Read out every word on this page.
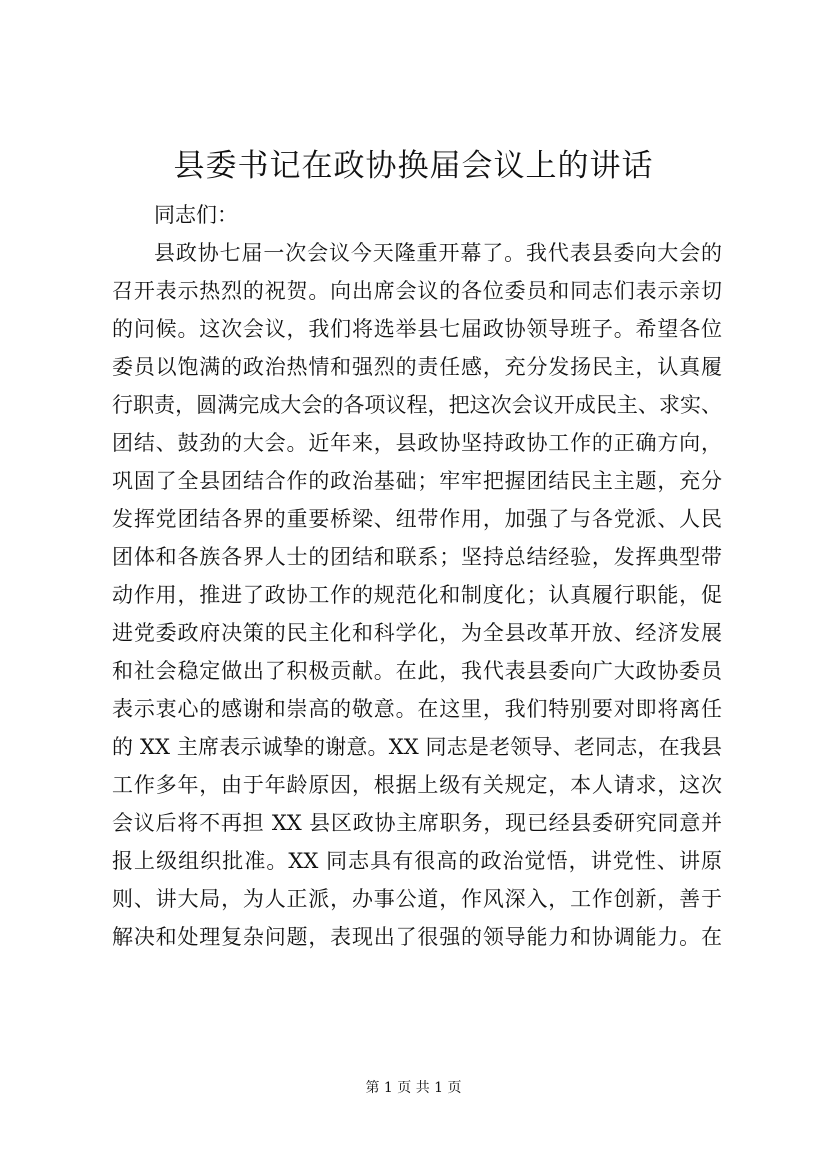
县委书记在政协换届会议上的讲话
同志们：
县政协七届一次会议今天隆重开幕了。我代表县委向大会的
召开表示热烈的祝贺。向出席会议的各位委员和同志们表示亲切
的问候。这次会议，我们将选举县七届政协领导班子。希望各位
委员以饱满的政治热情和强烈的责任感，充分发扬民主，认真履
行职责，圆满完成大会的各项议程，把这次会议开成民主、求实、
团结、鼓劲的大会。近年来，县政协坚持政协工作的正确方向，
巩固了全县团结合作的政治基础；牢牢把握团结民主主题，充分
发挥党团结各界的重要桥梁、纽带作用，加强了与各党派、人民
团体和各族各界人士的团结和联系；坚持总结经验，发挥典型带
动作用，推进了政协工作的规范化和制度化；认真履行职能，促
进党委政府决策的民主化和科学化，为全县改革开放、经济发展
和社会稳定做出了积极贡献。在此，我代表县委向广大政协委员
表示衷心的感谢和崇高的敬意。在这里，我们特别要对即将离任
的 XX 主席表示诚挚的谢意。XX 同志是老领导、老同志，在我县
工作多年，由于年龄原因，根据上级有关规定，本人请求，这次
会议后将不再担 XX 县区政协主席职务，现已经县委研究同意并
报上级组织批准。XX 同志具有很高的政治觉悟，讲党性、讲原
则、讲大局，为人正派，办事公道，作风深入，工作创新，善于
解决和处理复杂问题，表现出了很强的领导能力和协调能力。在
第 1 页 共 1 页
